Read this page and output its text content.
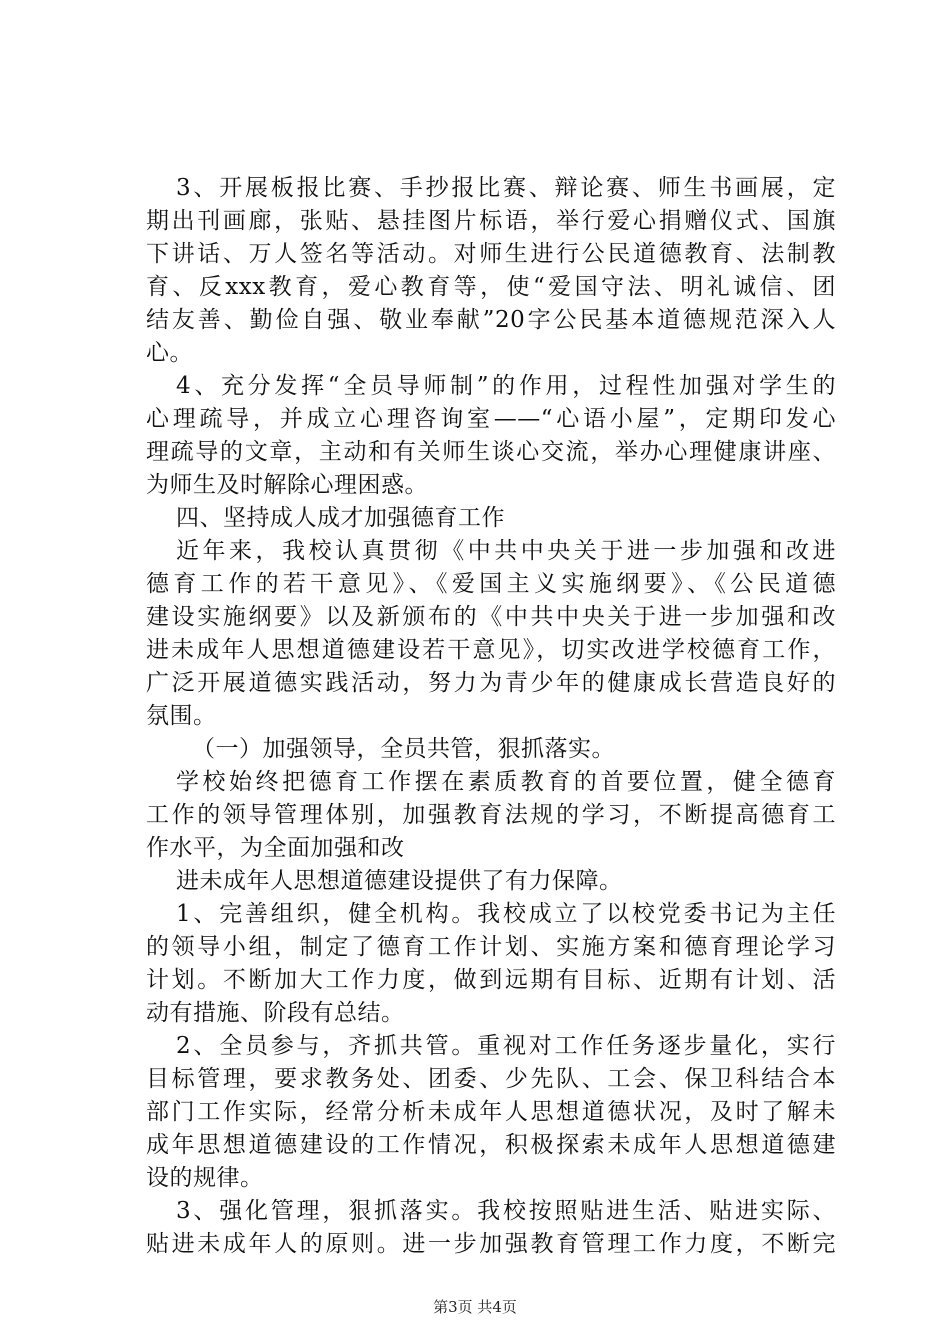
3、开展板报比赛、手抄报比赛、辩论赛、师生书画展，定
期出刊画廊，张贴、悬挂图片标语，举行爱心捐赠仪式、国旗
下讲话、万人签名等活动。对师生进行公民道德教育、法制教
育、反xxx教育，爱心教育等，使“爱国守法、明礼诚信、团
结友善、勤俭自强、敬业奉献”20字公民基本道德规范深入人
心。
4、充分发挥“全员导师制”的作用，过程性加强对学生的
心理疏导，并成立心理咨询室——“心语小屋”，定期印发心
理疏导的文章，主动和有关师生谈心交流，举办心理健康讲座、
为师生及时解除心理困惑。
四、坚持成人成才加强德育工作
近年来，我校认真贯彻《中共中央关于进一步加强和改进
德育工作的若干意见》、《爱国主义实施纲要》、《公民道德
建设实施纲要》以及新颁布的《中共中央关于进一步加强和改
进未成年人思想道德建设若干意见》，切实改进学校德育工作，
广泛开展道德实践活动，努力为青少年的健康成长营造良好的
氛围。
（一）加强领导，全员共管，狠抓落实。
学校始终把德育工作摆在素质教育的首要位置，健全德育
工作的领导管理体别，加强教育法规的学习，不断提高德育工
作水平，为全面加强和改
进未成年人思想道德建设提供了有力保障。
1、完善组织，健全机构。我校成立了以校党委书记为主任
的领导小组，制定了德育工作计划、实施方案和德育理论学习
计划。不断加大工作力度，做到远期有目标、近期有计划、活
动有措施、阶段有总结。
2、全员参与，齐抓共管。重视对工作任务逐步量化，实行
目标管理，要求教务处、团委、少先队、工会、保卫科结合本
部门工作实际，经常分析未成年人思想道德状况，及时了解未
成年思想道德建设的工作情况，积极探索未成年人思想道德建
设的规律。
3、强化管理，狠抓落实。我校按照贴进生活、贴进实际、
贴进未成年人的原则。进一步加强教育管理工作力度，不断完
第3页 共4页
